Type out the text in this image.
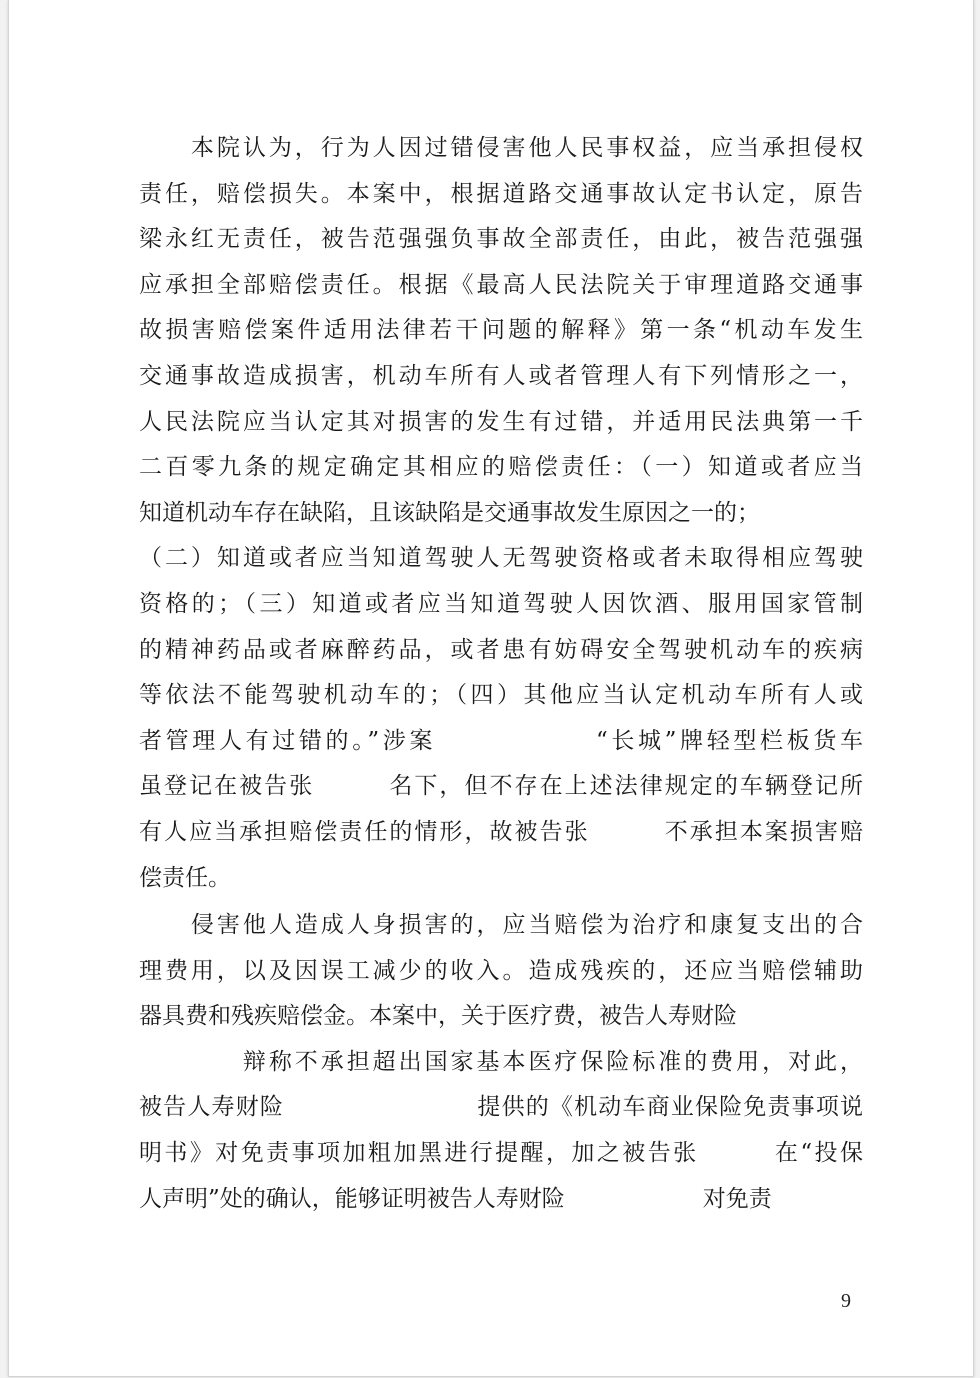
　　本院认为，行为人因过错侵害他人民事权益，应当承担侵权
责任，赔偿损失。本案中，根据道路交通事故认定书认定，原告
梁永红无责任，被告范强强负事故全部责任，由此，被告范强强
应承担全部赔偿责任。根据《最高人民法院关于审理道路交通事
故损害赔偿案件适用法律若干问题的解释》第一条“机动车发生
交通事故造成损害，机动车所有人或者管理人有下列情形之一，
人民法院应当认定其对损害的发生有过错，并适用民法典第一千
二百零九条的规定确定其相应的赔偿责任：（一）知道或者应当
知道机动车存在缺陷，且该缺陷是交通事故发生原因之一的；
（二）知道或者应当知道驾驶人无驾驶资格或者未取得相应驾驶
资格的；（三）知道或者应当知道驾驶人因饮酒、服用国家管制
的精神药品或者麻醉药品，或者患有妨碍安全驾驶机动车的疾病
等依法不能驾驶机动车的；（四）其他应当认定机动车所有人或
者管理人有过错的。”涉案　　　　　　“长城”牌轻型栏板货车
虽登记在被告张　　　名下，但不存在上述法律规定的车辆登记所
有人应当承担赔偿责任的情形，故被告张　　　不承担本案损害赔
偿责任。
　　侵害他人造成人身损害的，应当赔偿为治疗和康复支出的合
理费用，以及因误工减少的收入。造成残疾的，还应当赔偿辅助
器具费和残疾赔偿金。本案中，关于医疗费，被告人寿财险
　　　　辩称不承担超出国家基本医疗保险标准的费用，对此，
被告人寿财险　　　　　　　　提供的《机动车商业保险免责事项说
明书》对免责事项加粗加黑进行提醒，加之被告张　　　在“投保
人声明”处的确认，能够证明被告人寿财险　　　　　　对免责
9
